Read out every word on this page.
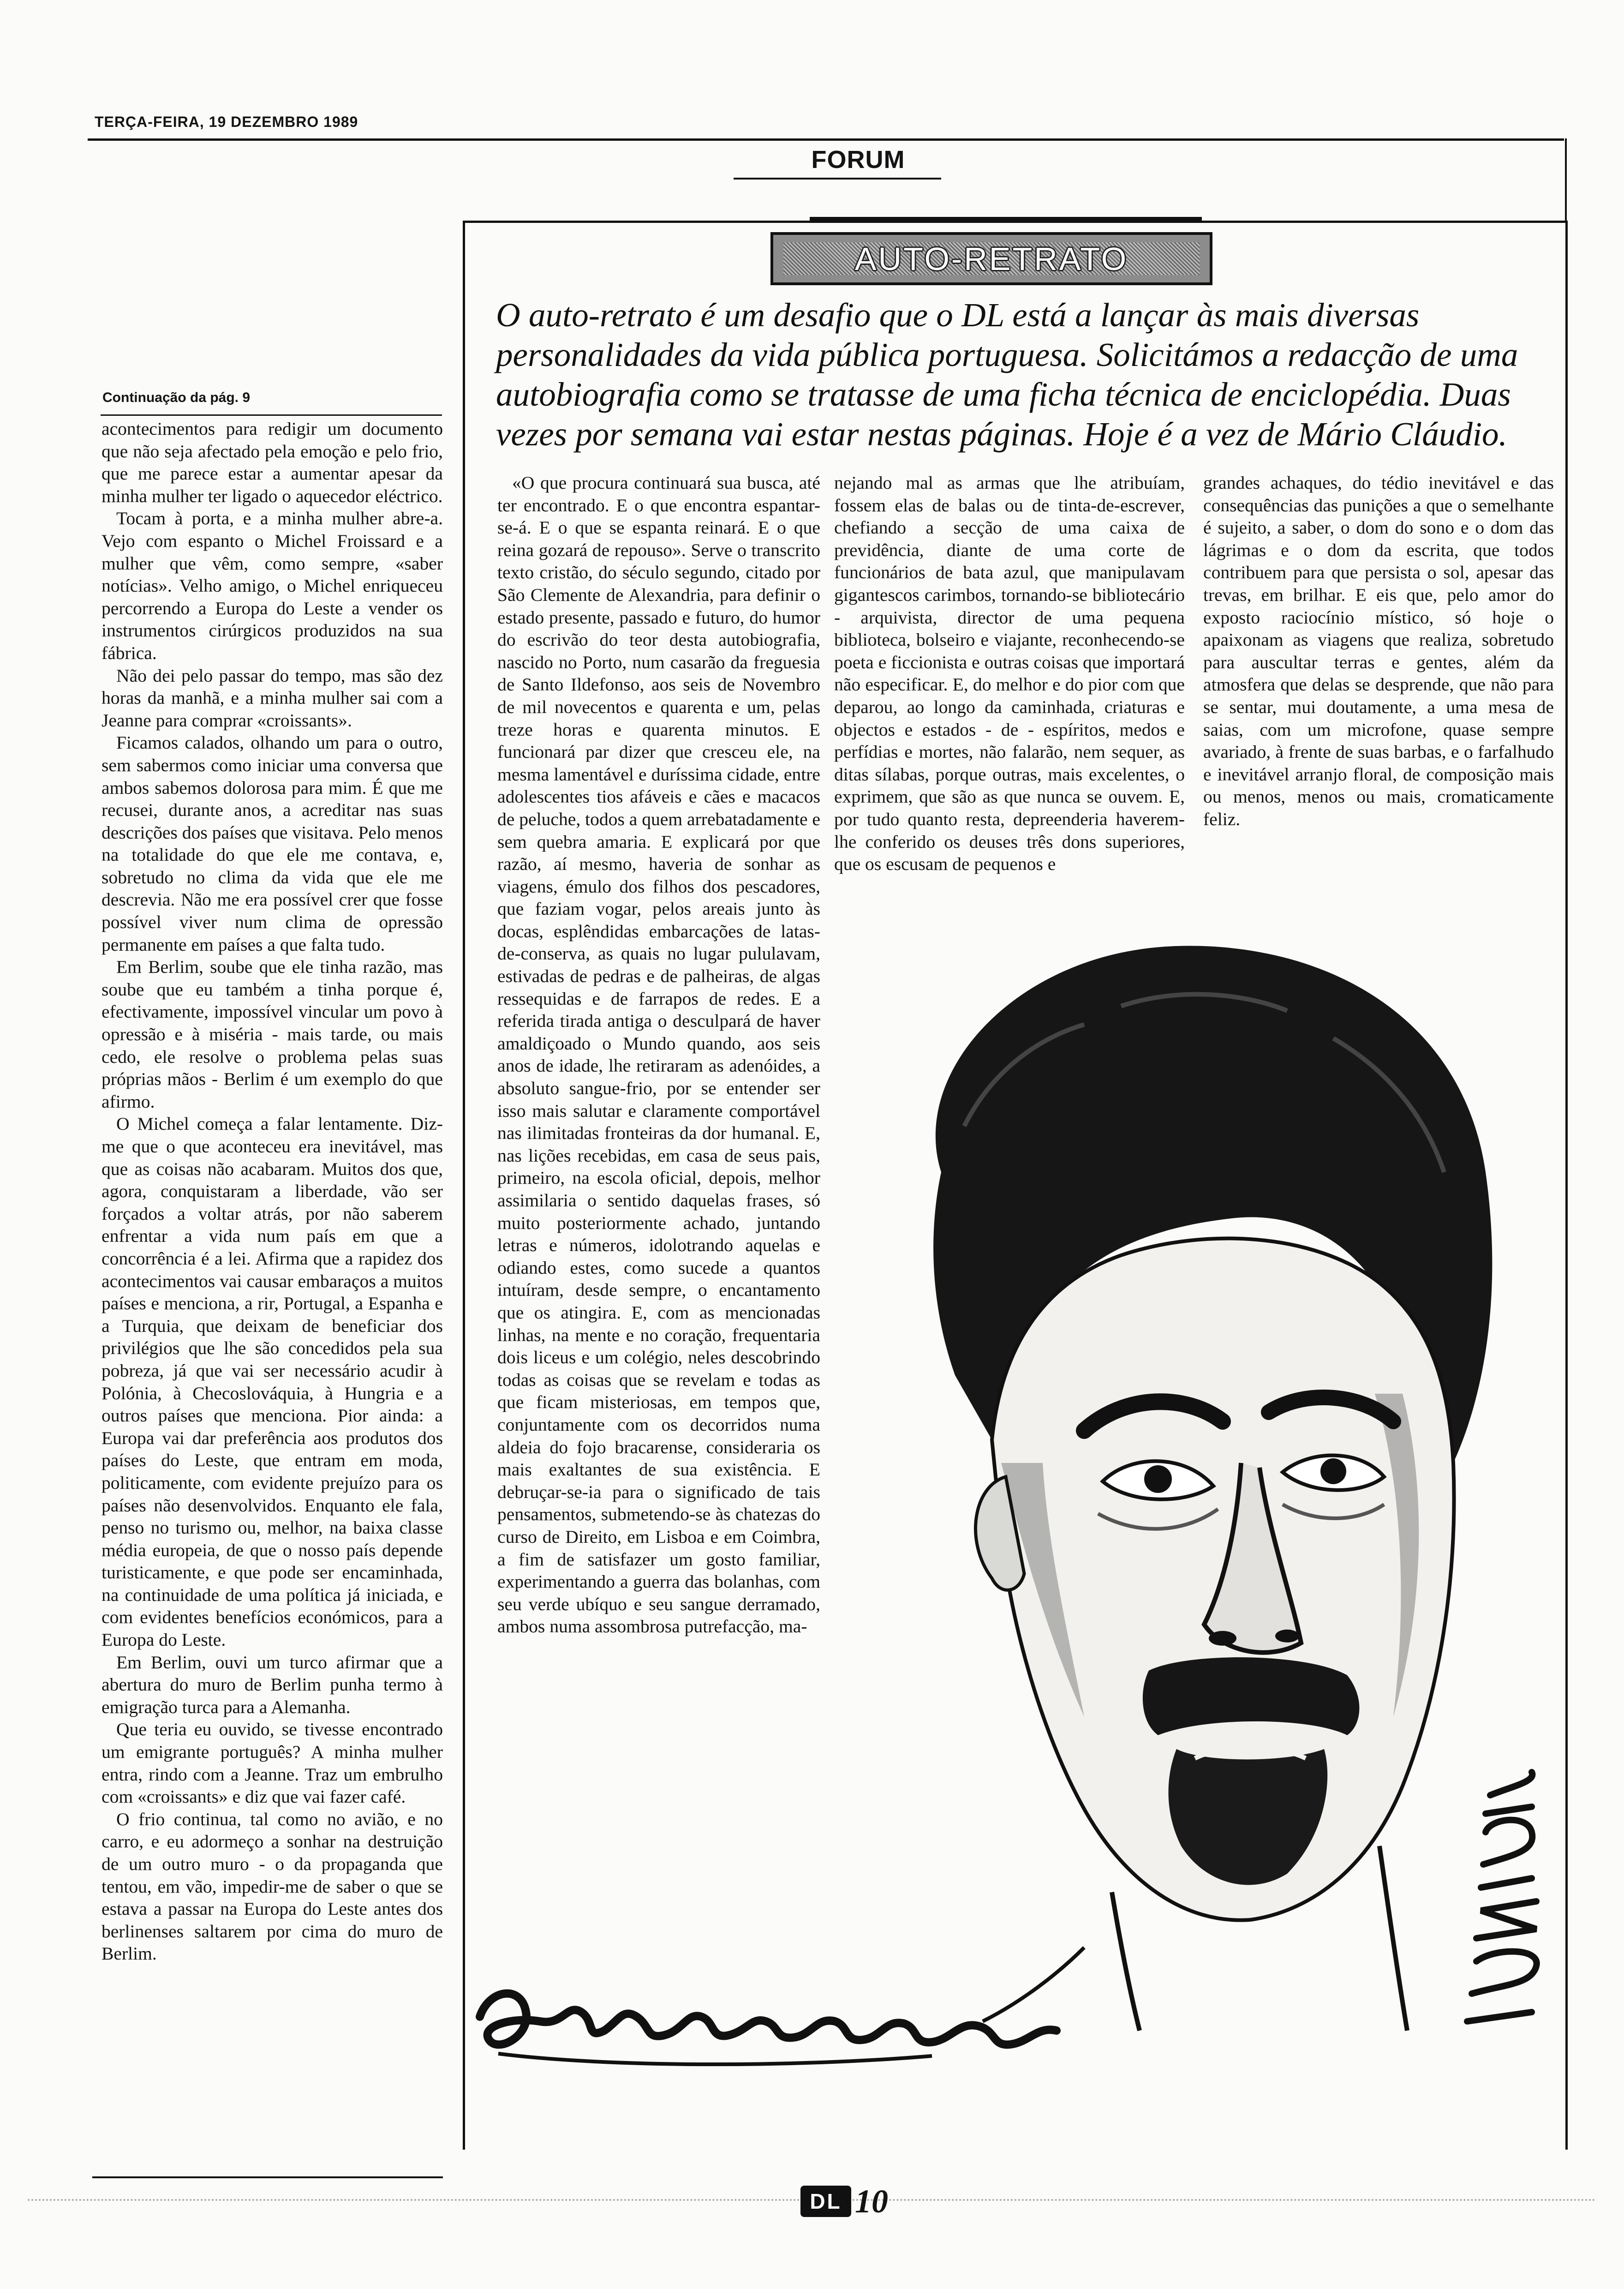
TERÇA-FEIRA, 19 DEZEMBRO 1989
FORUM
Continuação da pág. 9

acontecimentos para redigir um documento que não seja afectado pela emoção e pelo frio, que me parece estar a aumentar apesar da minha mulher ter ligado o aquecedor eléctrico.

Tocam à porta, e a minha mulher abre-a. Vejo com espanto o Michel Froissard e a mulher que vêm, como sempre, «saber notícias». Velho amigo, o Michel enriqueceu percorrendo a Europa do Leste a vender os instrumentos cirúrgicos produzidos na sua fábrica.

Não dei pelo passar do tempo, mas são dez horas da manhã, e a minha mulher sai com a Jeanne para comprar «croissants».

Ficamos calados, olhando um para o outro, sem sabermos como iniciar uma conversa que ambos sabemos dolorosa para mim. É que me recusei, durante anos, a acreditar nas suas descrições dos países que visitava. Pelo menos na totalidade do que ele me contava, e, sobretudo no clima da vida que ele me descrevia. Não me era possível crer que fosse possível viver num clima de opressão permanente em países a que falta tudo.

Em Berlim, soube que ele tinha razão, mas soube que eu também a tinha porque é, efectivamente, impossível vincular um povo à opressão e à miséria - mais tarde, ou mais cedo, ele resolve o problema pelas suas próprias mãos - Berlim é um exemplo do que afirmo.

O Michel começa a falar lentamente. Diz-me que o que aconteceu era inevitável, mas que as coisas não acabaram. Muitos dos que, agora, conquistaram a liberdade, vão ser forçados a voltar atrás, por não saberem enfrentar a vida num país em que a concorrência é a lei. Afirma que a rapidez dos acontecimentos vai causar embaraços a muitos países e menciona, a rir, Portugal, a Espanha e a Turquia, que deixam de beneficiar dos privilégios que lhe são concedidos pela sua pobreza, já que vai ser necessário acudir à Polónia, à Checoslováquia, à Hungria e a outros países que menciona. Pior ainda: a Europa vai dar preferência aos produtos dos países do Leste, que entram em moda, politicamente, com evidente prejuízo para os países não desenvolvidos. Enquanto ele fala, penso no turismo ou, melhor, na baixa classe média europeia, de que o nosso país depende turisticamente, e que pode ser encaminhada, na continuidade de uma política já iniciada, e com evidentes benefícios económicos, para a Europa do Leste.

Em Berlim, ouvi um turco afirmar que a abertura do muro de Berlim punha termo à emigração turca para a Alemanha.

Que teria eu ouvido, se tivesse encontrado um emigrante português? A minha mulher entra, rindo com a Jeanne. Traz um embrulho com «croissants» e diz que vai fazer café.

O frio continua, tal como no avião, e no carro, e eu adormeço a sonhar na destruição de um outro muro - o da propaganda que tentou, em vão, impedir-me de saber o que se estava a passar na Europa do Leste antes dos berlinenses saltarem por cima do muro de Berlim.

AUTO-RETRATO
O auto-retrato é um desafio que o DL está a lançar às mais diversas
personalidades da vida pública portuguesa. Solicitámos a redacção de uma
autobiografia como se tratasse de uma ficha técnica de enciclopédia. Duas
vezes por semana vai estar nestas páginas. Hoje é a vez de Mário Cláudio.

«O que procura continuará sua busca, até ter encontrado. E o que encontra espantar-se-á. E o que se espanta reinará. E o que reina gozará de repouso». Serve o transcrito texto cristão, do século segundo, citado por São Clemente de Alexandria, para definir o estado presente, passado e futuro, do humor do escrivão do teor desta autobiografia, nascido no Porto, num casarão da freguesia de Santo Ildefonso, aos seis de Novembro de mil novecentos e quarenta e um, pelas treze horas e quarenta minutos. E funcionará par dizer que cresceu ele, na mesma lamentável e duríssima cidade, entre adolescentes tios afáveis e cães e macacos de peluche, todos a quem arrebatadamente e sem quebra amaria. E explicará por que razão, aí mesmo, haveria de sonhar as viagens, émulo dos filhos dos pescadores, que faziam vogar, pelos areais junto às docas, esplêndidas embarcações de latas-de-conserva, as quais no lugar pululavam, estivadas de pedras e de palheiras, de algas ressequidas e de farrapos de redes. E a referida tirada antiga o desculpará de haver amaldiçoado o Mundo quando, aos seis anos de idade, lhe retiraram as adenóides, a absoluto sangue-frio, por se entender ser isso mais salutar e claramente comportável nas ilimitadas fronteiras da dor humanal. E, nas lições recebidas, em casa de seus pais, primeiro, na escola oficial, depois, melhor assimilaria o sentido daquelas frases, só muito posteriormente achado, juntando letras e números, idolotrando aquelas e odiando estes, como sucede a quantos intuíram, desde sempre, o encantamento que os atingira. E, com as mencionadas linhas, na mente e no coração, frequentaria dois liceus e um colégio, neles descobrindo todas as coisas que se revelam e todas as que ficam misteriosas, em tempos que, conjuntamente com os decorridos numa aldeia do fojo bracarense, consideraria os mais exaltantes de sua existência. E debruçar-se-ia para o significado de tais pensamentos, submetendo-se às chatezas do curso de Direito, em Lisboa e em Coimbra, a fim de satisfazer um gosto familiar, experimentando a guerra das bolanhas, com seu verde ubíquo e seu sangue derramado, ambos numa assombrosa putrefacção, ma-

nejando mal as armas que lhe atribuíam, fossem elas de balas ou de tinta-de-escrever, chefiando a secção de uma caixa de previdência, diante de uma corte de funcionários de bata azul, que manipulavam gigantescos carimbos, tornando-se bibliotecário - arquivista, director de uma pequena biblioteca, bolseiro e viajante, reconhecendo-se poeta e ficcionista e outras coisas que importará não especificar. E, do melhor e do pior com que deparou, ao longo da caminhada, criaturas e objectos e estados - de - espíritos, medos e perfídias e mortes, não falarão, nem sequer, as ditas sílabas, porque outras, mais excelentes, o exprimem, que são as que nunca se ouvem. E, por tudo quanto resta, depreenderia haverem-lhe conferido os deuses três dons superiores, que os escusam de pequenos e

grandes achaques, do tédio inevitável e das consequências das punições a que o semelhante é sujeito, a saber, o dom do sono e o dom das lágrimas e o dom da escrita, que todos contribuem para que persista o sol, apesar das trevas, em brilhar. E eis que, pelo amor do exposto raciocínio místico, só hoje o apaixonam as viagens que realiza, sobretudo para auscultar terras e gentes, além da atmosfera que delas se desprende, que não para se sentar, mui doutamente, a uma mesa de saias, com um microfone, quase sempre avariado, à frente de suas barbas, e o farfalhudo e inevitável arranjo floral, de composição mais ou menos, menos ou mais, cromaticamente feliz.

DL 10
